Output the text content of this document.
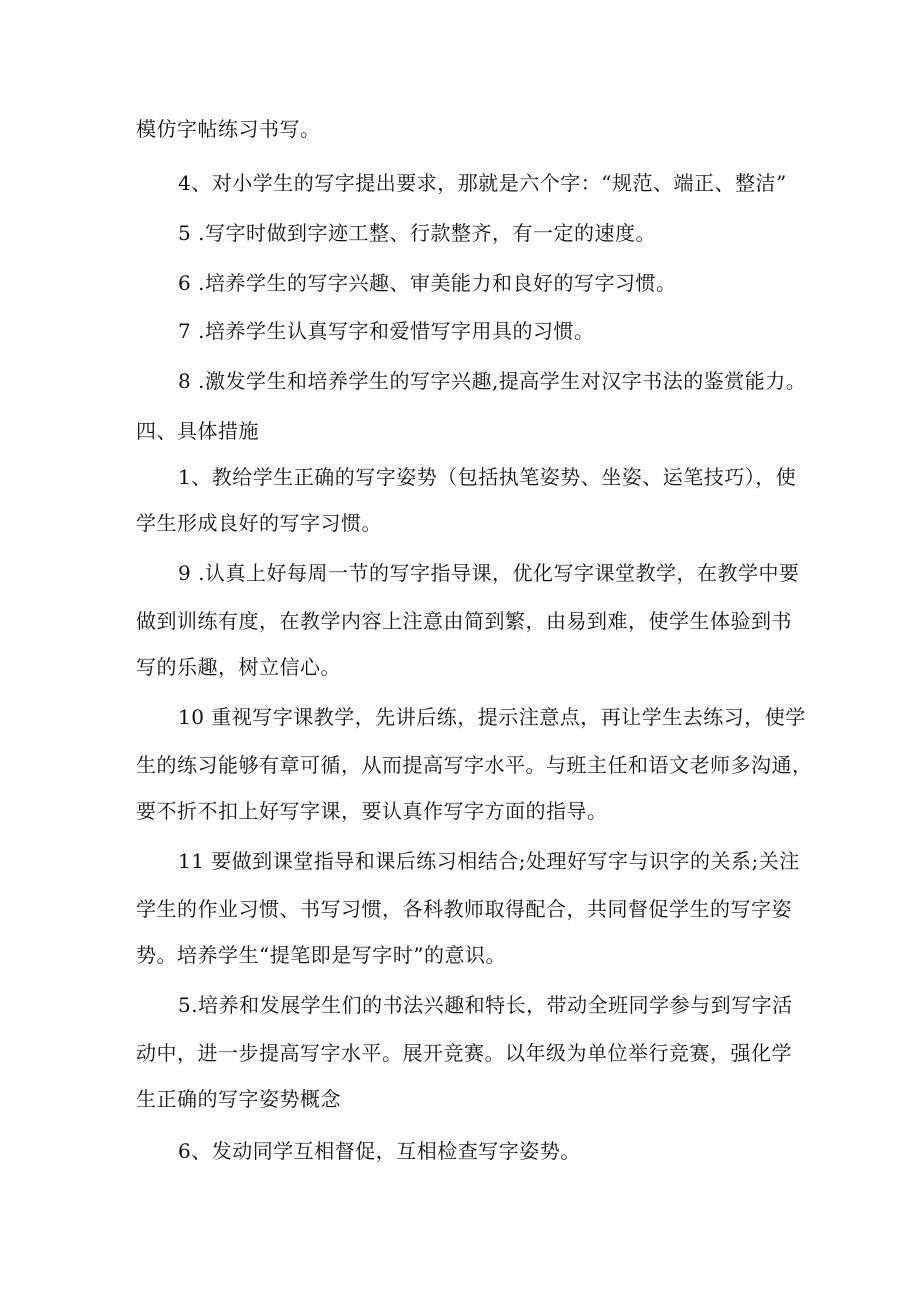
模仿字帖练习书写。
4、对小学生的写字提出要求，那就是六个字：“规范、端正、整洁”
5 .写字时做到字迹工整、行款整齐，有一定的速度。
6 .培养学生的写字兴趣、审美能力和良好的写字习惯。
7 .培养学生认真写字和爱惜写字用具的习惯。
8 .激发学生和培养学生的写字兴趣,提高学生对汉字书法的鉴赏能力。
四、具体措施
1、教给学生正确的写字姿势（包括执笔姿势、坐姿、运笔技巧），使
学生形成良好的写字习惯。
9 .认真上好每周一节的写字指导课，优化写字课堂教学，在教学中要
做到训练有度，在教学内容上注意由简到繁，由易到难，使学生体验到书
写的乐趣，树立信心。
10 重视写字课教学，先讲后练，提示注意点，再让学生去练习，使学
生的练习能够有章可循，从而提高写字水平。与班主任和语文老师多沟通，
要不折不扣上好写字课，要认真作写字方面的指导。
11 要做到课堂指导和课后练习相结合;处理好写字与识字的关系;关注
学生的作业习惯、书写习惯，各科教师取得配合，共同督促学生的写字姿
势。培养学生“提笔即是写字时”的意识。
5.培养和发展学生们的书法兴趣和特长，带动全班同学参与到写字活
动中，进一步提高写字水平。展开竞赛。以年级为单位举行竞赛，强化学
生正确的写字姿势概念
6、发动同学互相督促，互相检查写字姿势。
